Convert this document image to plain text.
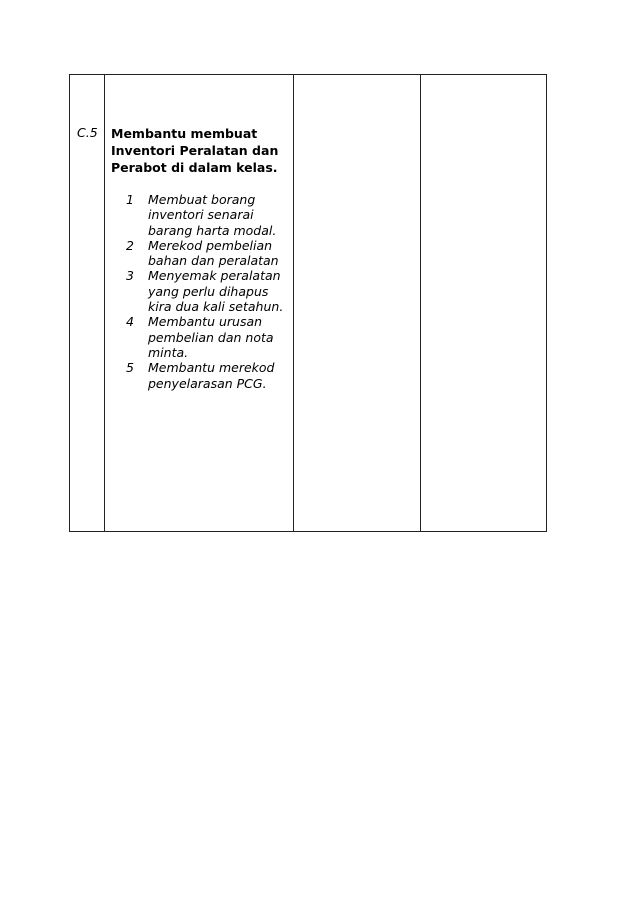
C.5	Membantu membuat
Inventori Peralatan dan
Perabot di dalam kelas.
1	Membuat borang
inventori senarai
barang harta modal.
2	Merekod pembelian
bahan dan peralatan
3	Menyemak peralatan
yang perlu dihapus
kira dua kali setahun.
4	Membantu urusan
pembelian dan nota
minta.
5	Membantu merekod
penyelarasan PCG.
